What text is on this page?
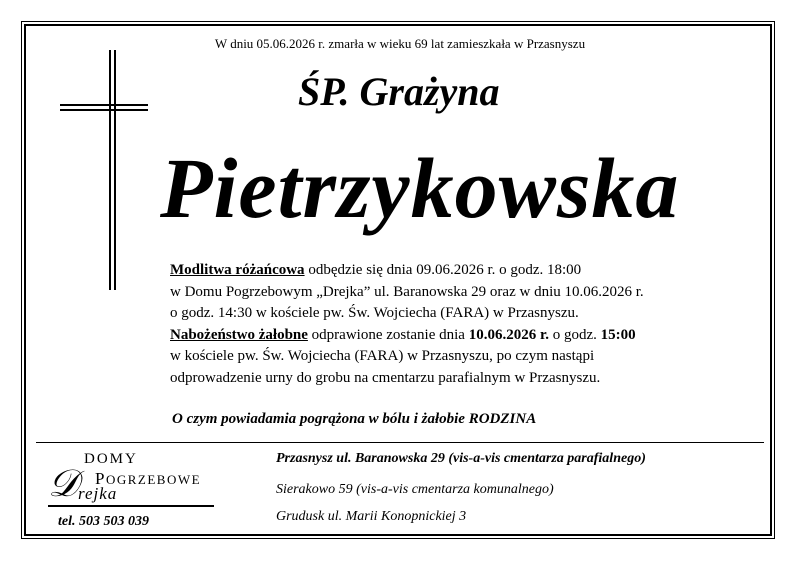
W dniu 05.06.2026 r. zmarła w wieku 69 lat zamieszkała w Przasnyszu
ŚP. Grażyna
Pietrzykowska
Modlitwa różańcowa odbędzie się dnia 09.06.2026 r. o godz. 18:00
w Domu Pogrzebowym „Drejka” ul. Baranowska 29 oraz w dniu 10.06.2026 r.
o godz. 14:30 w kościele pw. Św. Wojciecha (FARA) w Przasnyszu.
Nabożeństwo żałobne odprawione zostanie dnia 10.06.2026 r. o godz. 15:00
w kościele pw. Św. Wojciecha (FARA) w Przasnyszu, po czym nastąpi
odprowadzenie urny do grobu na cmentarzu parafialnym w Przasnyszu.
O czym powiadamia pogrążona w bólu i żałobie RODZINA
DOMY
𝒟 POGRZEBOWE
rejka
tel. 503 503 039
Przasnysz ul. Baranowska 29 (vis-a-vis cmentarza parafialnego)
Sierakowo 59 (vis-a-vis cmentarza komunalnego)
Grudusk ul. Marii Konopnickiej 3
